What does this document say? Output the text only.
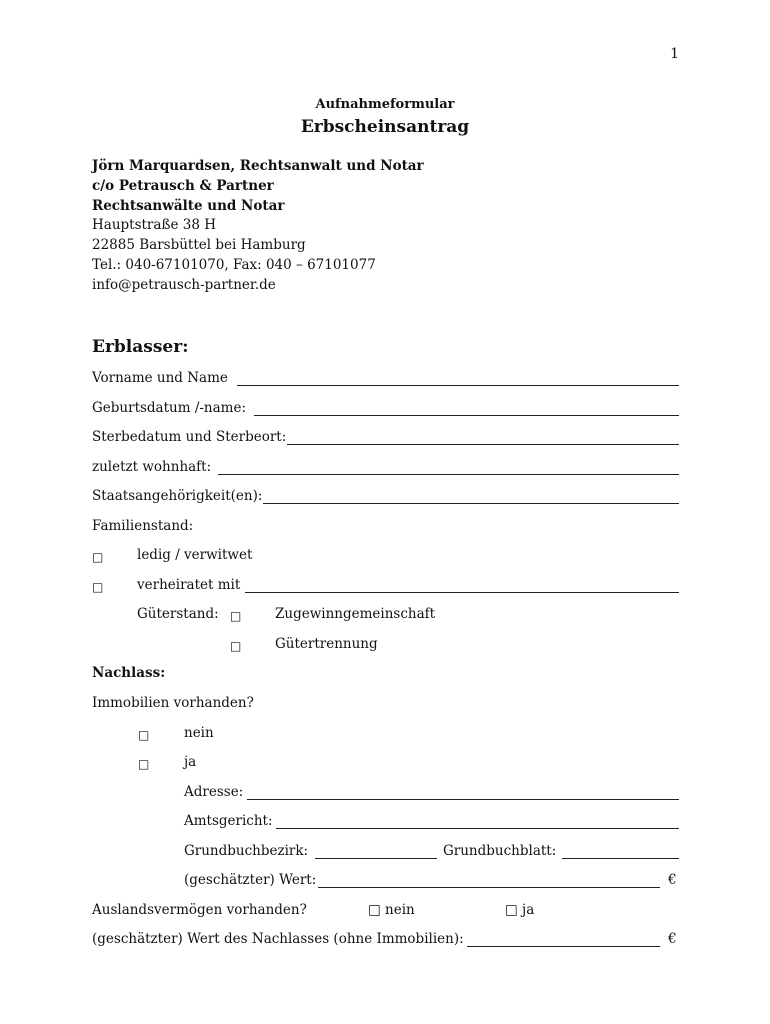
1
Aufnahmeformular
Erbscheinsantrag
Jörn Marquardsen, Rechtsanwalt und Notar
c/o Petrausch & Partner
Rechtsanwälte und Notar
Hauptstraße 38 H
22885 Barsbüttel bei Hamburg
Tel.: 040-67101070, Fax: 040 – 67101077
info@petrausch-partner.de
Erblasser:
Vorname und Name
Geburtsdatum /-name:
Sterbedatum und Sterbeort:
zuletzt wohnhaft:
Staatsangehörigkeit(en):
Familienstand:
□ ledig / verwitwet
□ verheiratet mit
Güterstand: □ Zugewinngemeinschaft
□ Gütertrennung
Nachlass:
Immobilien vorhanden?
□	nein
□	ja
Adresse:
Amtsgericht:
Grundbuchbezirk:	Grundbuchblatt:
(geschätzter) Wert:	€
Auslandsvermögen vorhanden?	□ nein	□ ja
(geschätzter) Wert des Nachlasses (ohne Immobilien):	€
